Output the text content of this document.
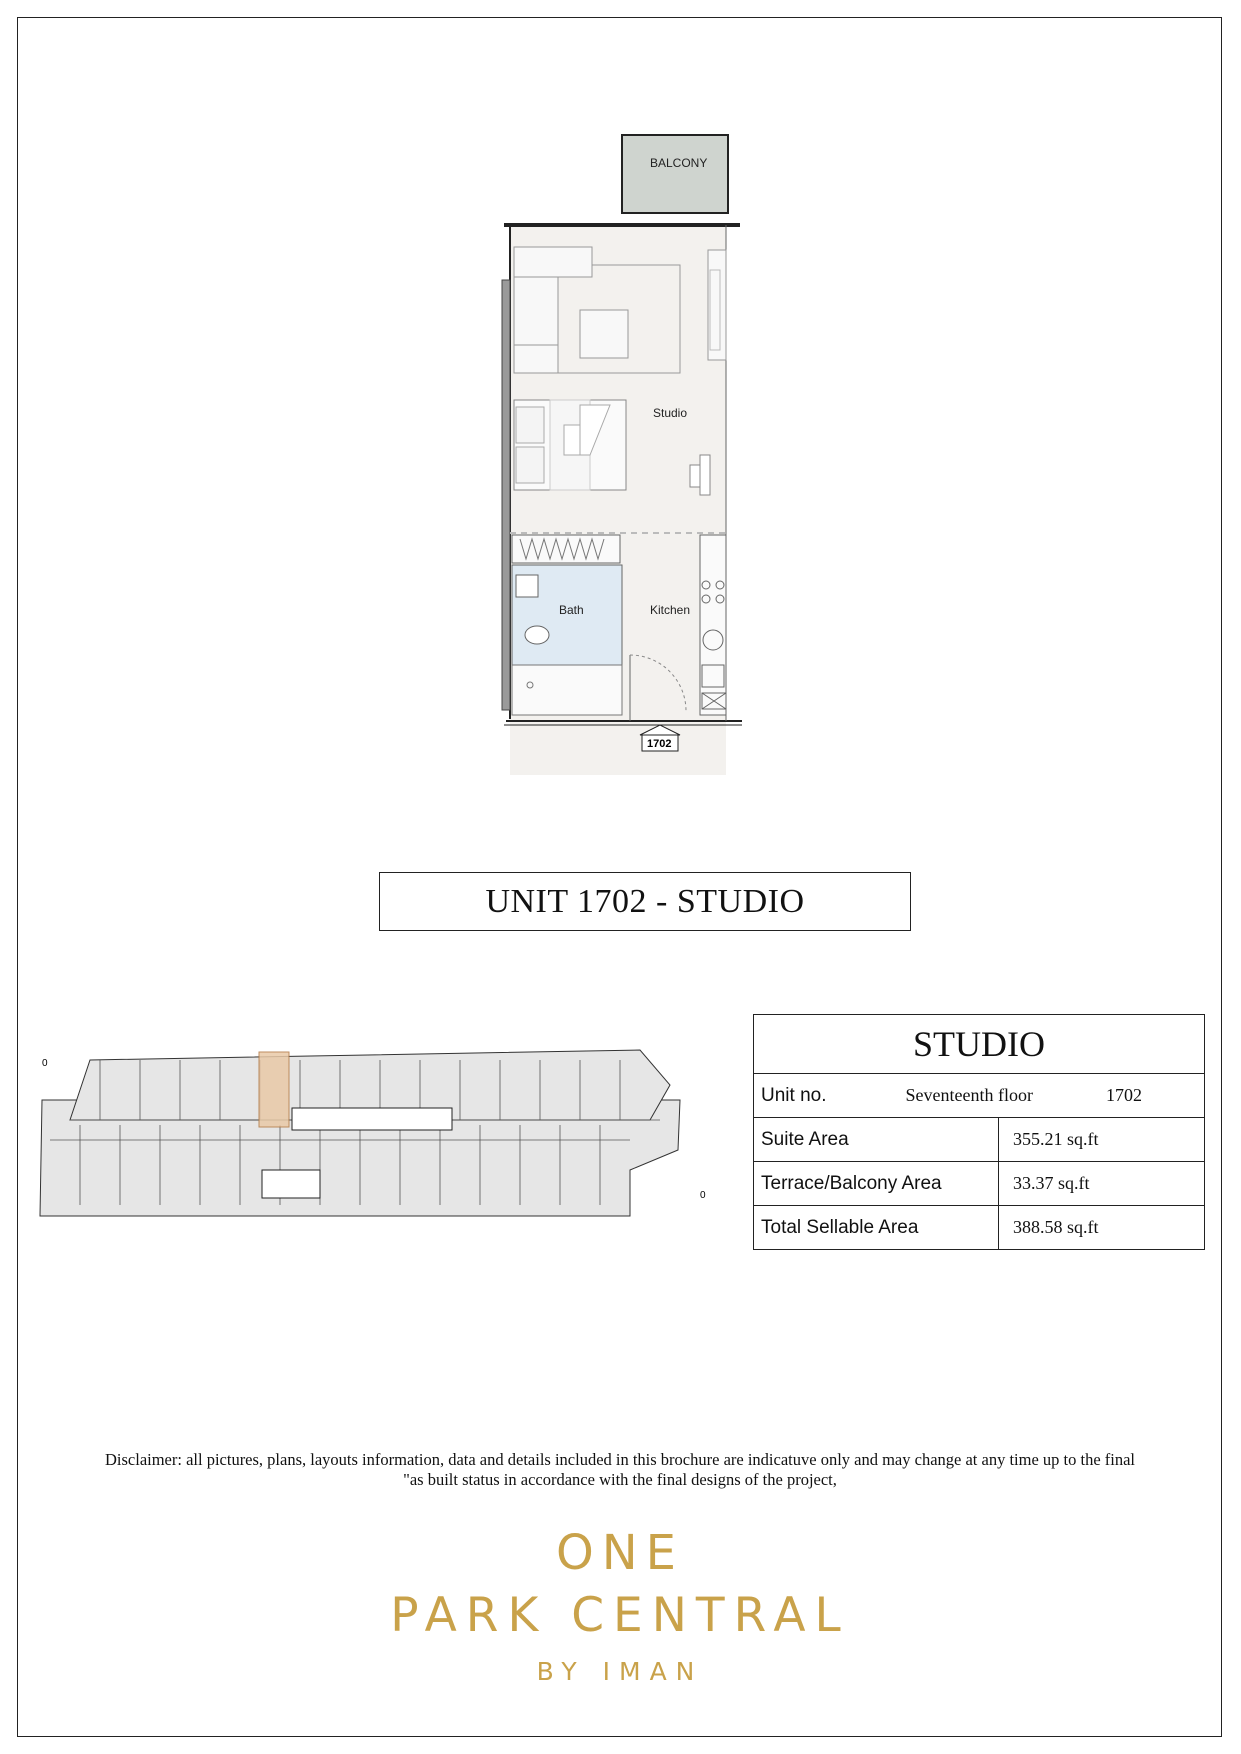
BALCONY
Studio
Bath	Kitchen
1702
UNIT 1702 - STUDIO
0
0
STUDIO	
Unit no. Seventeenth floor 1702	
Suite Area	355.21 sq.ft
Terrace/Balcony Area	33.37 sq.ft
Total Sellable Area	388.58 sq.ft
Disclaimer: all pictures, plans, layouts information, data and details included in this brochure are indicatuve only and may change at any time up to the final
"as built status in accordance with the final designs of the project,
ONE
PARK CENTRAL
BY IMAN
